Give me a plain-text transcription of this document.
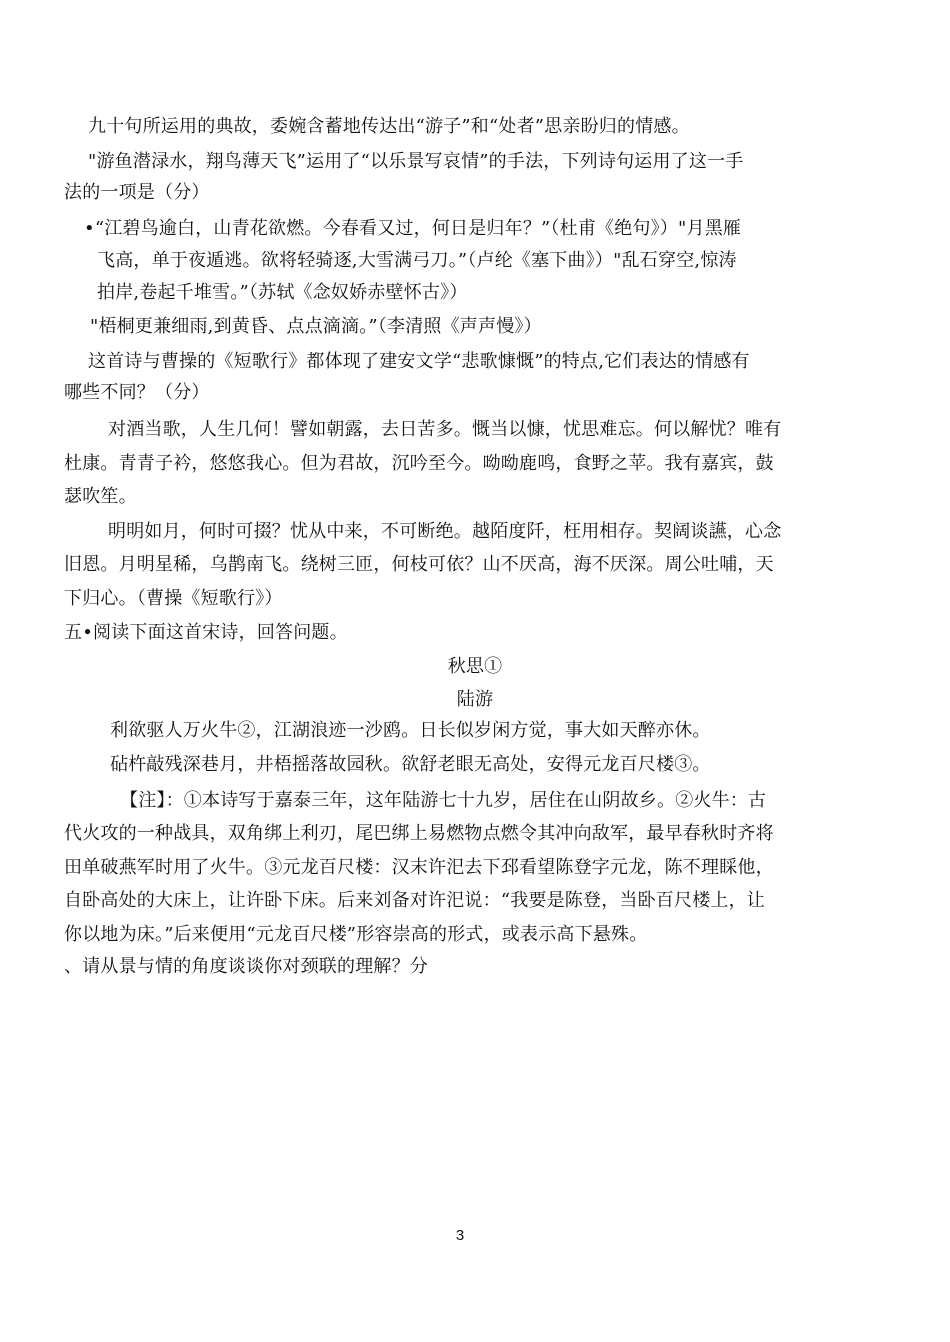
九十句所运用的典故，委婉含蓄地传达出“游子”和“处者”思亲盼归的情感。
"游鱼潜渌水，翔鸟薄天飞”运用了“以乐景写哀情”的手法，下列诗句运用了这一手
法的一项是（分）
•“江碧鸟逾白，山青花欲燃。今春看又过，何日是归年？”（杜甫《绝句》）"月黑雁
飞高，单于夜遁逃。欲将轻骑逐,大雪满弓刀。”（卢纶《塞下曲》）"乱石穿空,惊涛
拍岸,卷起千堆雪。”（苏轼《念奴娇赤壁怀古》）
"梧桐更兼细雨,到黄昏、点点滴滴。”（李清照《声声慢》）
这首诗与曹操的《短歌行》都体现了建安文学“悲歌慷慨”的特点,它们表达的情感有
哪些不同？（分）
对酒当歌，人生几何！譬如朝露，去日苦多。慨当以慷，忧思难忘。何以解忧？唯有
杜康。青青子衿，悠悠我心。但为君故，沉吟至今。呦呦鹿鸣，食野之苹。我有嘉宾，鼓
瑟吹笙。
明明如月，何时可掇？忧从中来，不可断绝。越陌度阡，枉用相存。契阔谈讌，心念
旧恩。月明星稀，乌鹊南飞。绕树三匝，何枝可依？山不厌高，海不厌深。周公吐哺，天
下归心。（曹操《短歌行》）
五•阅读下面这首宋诗，回答问题。
秋思①
陆游
利欲驱人万火牛②，江湖浪迹一沙鸥。日长似岁闲方觉，事大如天醉亦休。
砧杵敲残深巷月，井梧摇落故园秋。欲舒老眼无高处，安得元龙百尺楼③。
【注】：①本诗写于嘉泰三年，这年陆游七十九岁，居住在山阴故乡。②火牛：古
代火攻的一种战具，双角绑上利刃，尾巴绑上易燃物点燃令其冲向敌军，最早春秋时齐将
田单破燕军时用了火牛。③元龙百尺楼：汉末许汜去下邳看望陈登字元龙，陈不理睬他，
自卧高处的大床上，让许卧下床。后来刘备对许汜说：“我要是陈登，当卧百尺楼上，让
你以地为床。”后来便用“元龙百尺楼”形容崇高的形式，或表示高下悬殊。
、请从景与情的角度谈谈你对颈联的理解？分
3
